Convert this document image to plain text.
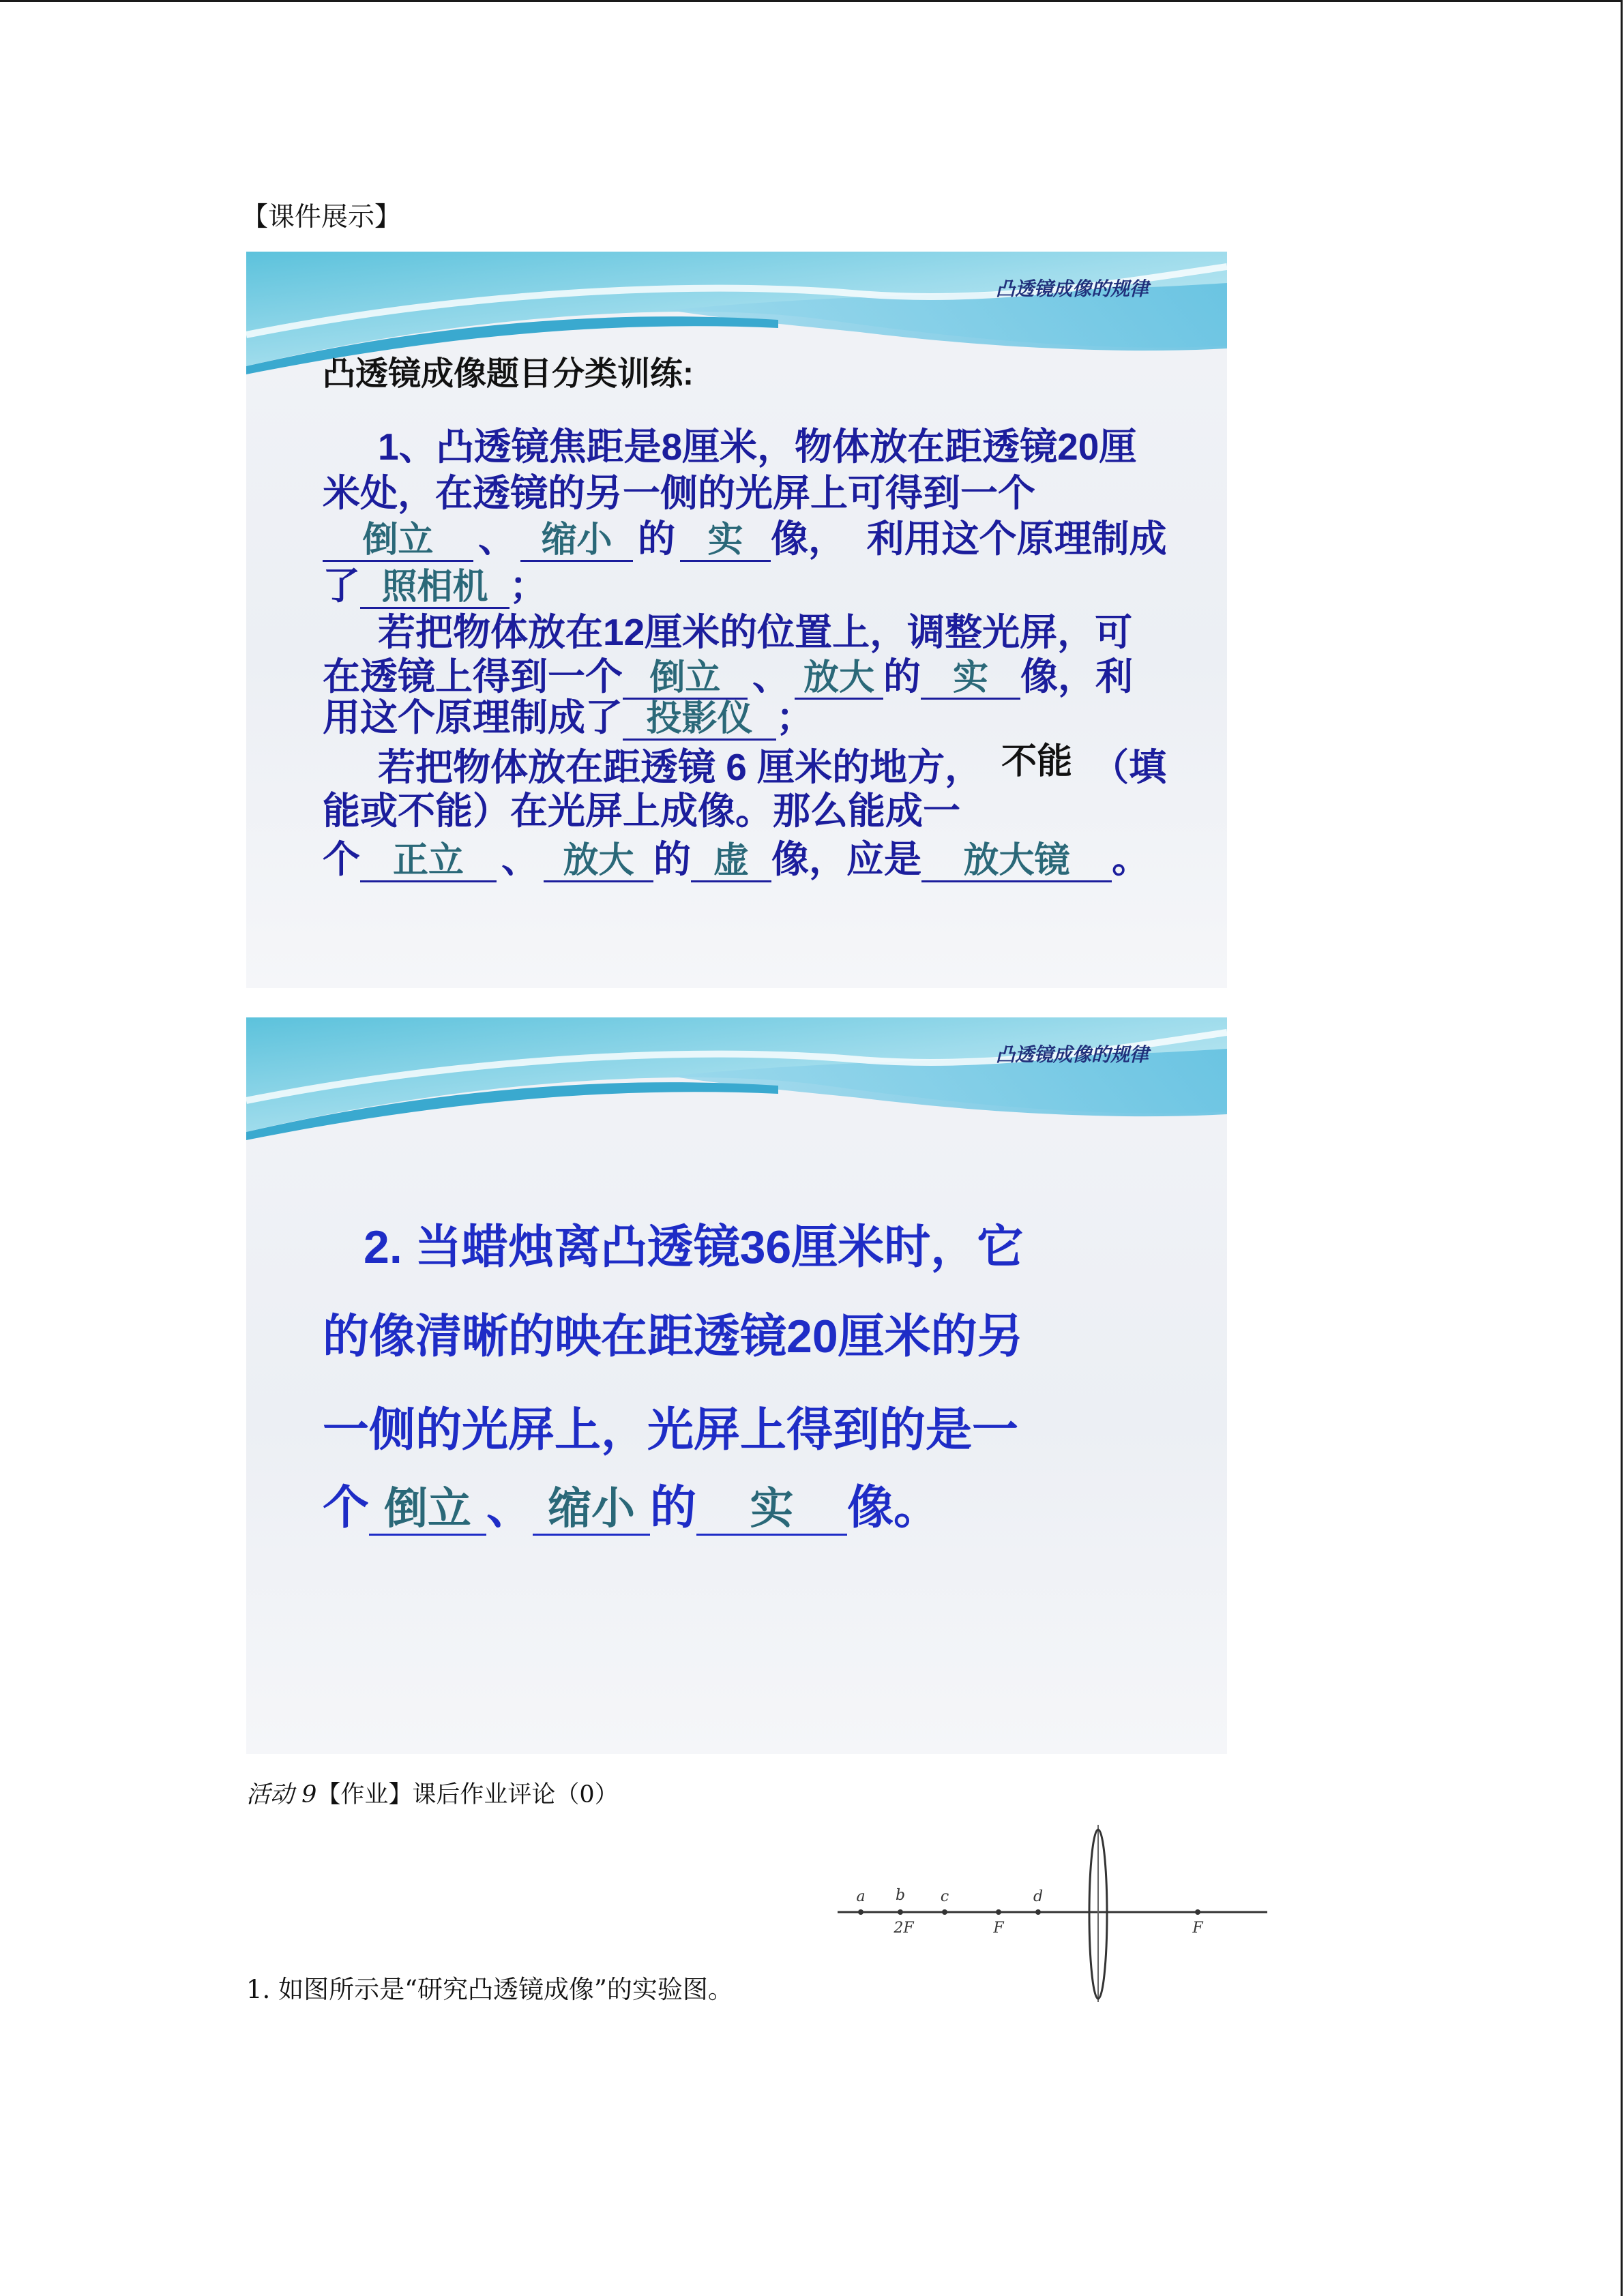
【课件展示】
凸透镜成像的规律
凸透镜成像题目分类训练:
1、凸透镜焦距是8厘米，物体放在距透镜20厘
米处，在透镜的另一侧的光屏上可得到一个
倒立 、 缩小 的 实 像，  利用这个原理制成
了 照相机 ；
若把物体放在12厘米的位置上，调整光屏，可
在透镜上得到一个 倒立 、 放大 的 实 像，利
用这个原理制成了 投影仪 ；
若把物体放在距透镜 6 厘米的地方， 不能 （填
能或不能）在光屏上成像。那么能成一
个 正立 、 放大 的 虚 像，应是 放大镜 。
凸透镜成像的规律
2. 当蜡烛离凸透镜36厘米时，它
的像清晰的映在距透镜20厘米的另
一侧的光屏上，光屏上得到的是一
个 倒立 、 缩小 的 实 像。
活动 9【作业】课后作业评论（0）
a b c	d
2F	F	F
1. 如图所示是“研究凸透镜成像”的实验图。
